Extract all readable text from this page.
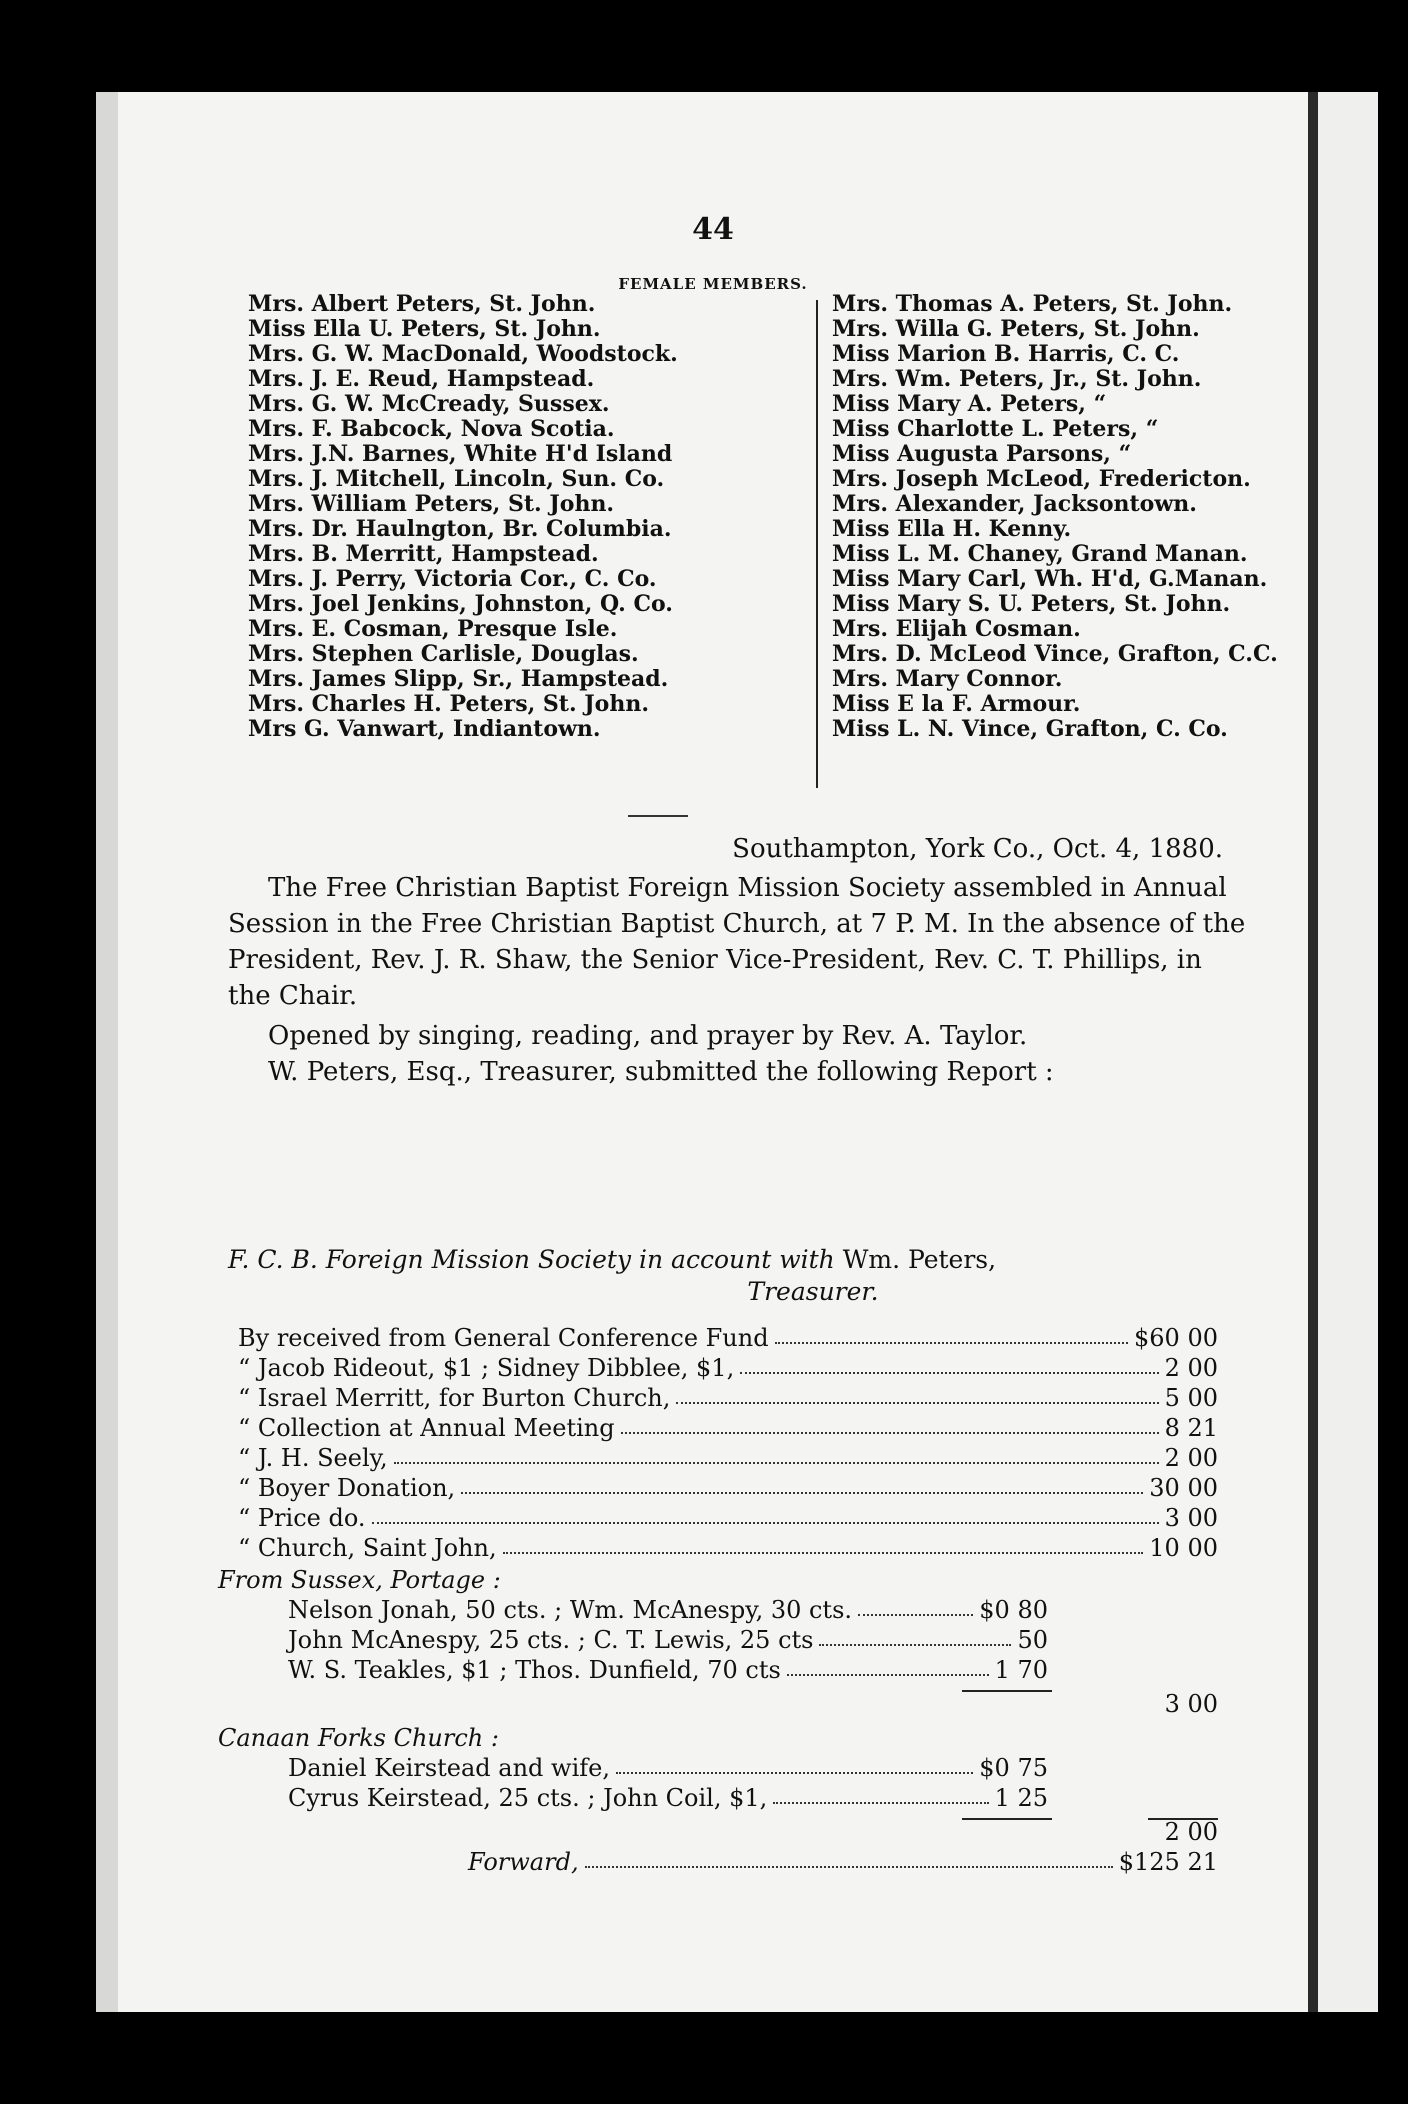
44
FEMALE MEMBERS.
Mrs. Albert Peters, St. John.
Miss Ella U. Peters, St. John.
Mrs. G. W. MacDonald, Woodstock.
Mrs. J. E. Reud, Hampstead.
Mrs. G. W. McCready, Sussex.
Mrs. F. Babcock, Nova Scotia.
Mrs. J.N. Barnes, White H'd Island
Mrs. J. Mitchell, Lincoln, Sun. Co.
Mrs. William Peters, St. John.
Mrs. Dr. Haulngton, Br. Columbia.
Mrs. B. Merritt, Hampstead.
Mrs. J. Perry, Victoria Cor., C. Co.
Mrs. Joel Jenkins, Johnston, Q. Co.
Mrs. E. Cosman, Presque Isle.
Mrs. Stephen Carlisle, Douglas.
Mrs. James Slipp, Sr., Hampstead.
Mrs. Charles H. Peters, St. John.
Mrs G. Vanwart, Indiantown.
Mrs. Thomas A. Peters, St. John.
Mrs. Willa G. Peters, St. John.
Miss Marion B. Harris, C. C.
Mrs. Wm. Peters, Jr., St. John.
Miss Mary A. Peters, “
Miss Charlotte L. Peters, “
Miss Augusta Parsons, “
Mrs. Joseph McLeod, Fredericton.
Mrs. Alexander, Jacksontown.
Miss Ella H. Kenny.
Miss L. M. Chaney, Grand Manan.
Miss Mary Carl, Wh. H'd, G.Manan.
Miss Mary S. U. Peters, St. John.
Mrs. Elijah Cosman.
Mrs. D. McLeod Vince, Grafton, C.C.
Mrs. Mary Connor.
Miss E la F. Armour.
Miss L. N. Vince, Grafton, C. Co.
Southampton, York Co., Oct. 4, 1880.
The Free Christian Baptist Foreign Mission Society assembled in Annual Session in the Free Christian Baptist Church, at 7 P. M. In the absence of the President, Rev. J. R. Shaw, the Senior Vice-President, Rev. C. T. Phillips, in the Chair.
Opened by singing, reading, and prayer by Rev. A. Taylor.
W. Peters, Esq., Treasurer, submitted the following Report :
F. C. B. Foreign Mission Society in account with Wm. Peters,
Treasurer.
By received from General Conference Fund	$60 00
“ Jacob Rideout, $1 ; Sidney Dibblee, $1,	2 00
“ Israel Merritt, for Burton Church,	5 00
“ Collection at Annual Meeting	8 21
“ J. H. Seely,	2 00
“ Boyer Donation,	30 00
“ Price do.	3 00
“ Church, Saint John,	10 00
From Sussex, Portage :
Nelson Jonah, 50 cts. ; Wm. McAnespy, 30 cts.	$0 80
John McAnespy, 25 cts. ; C. T. Lewis, 25 cts	50
W. S. Teakles, $1 ; Thos. Dunfield, 70 cts	1 70
3 00
Canaan Forks Church :
Daniel Keirstead and wife,	$0 75
Cyrus Keirstead, 25 cts. ; John Coil, $1,	1 25
2 00
Forward,	$125 21
